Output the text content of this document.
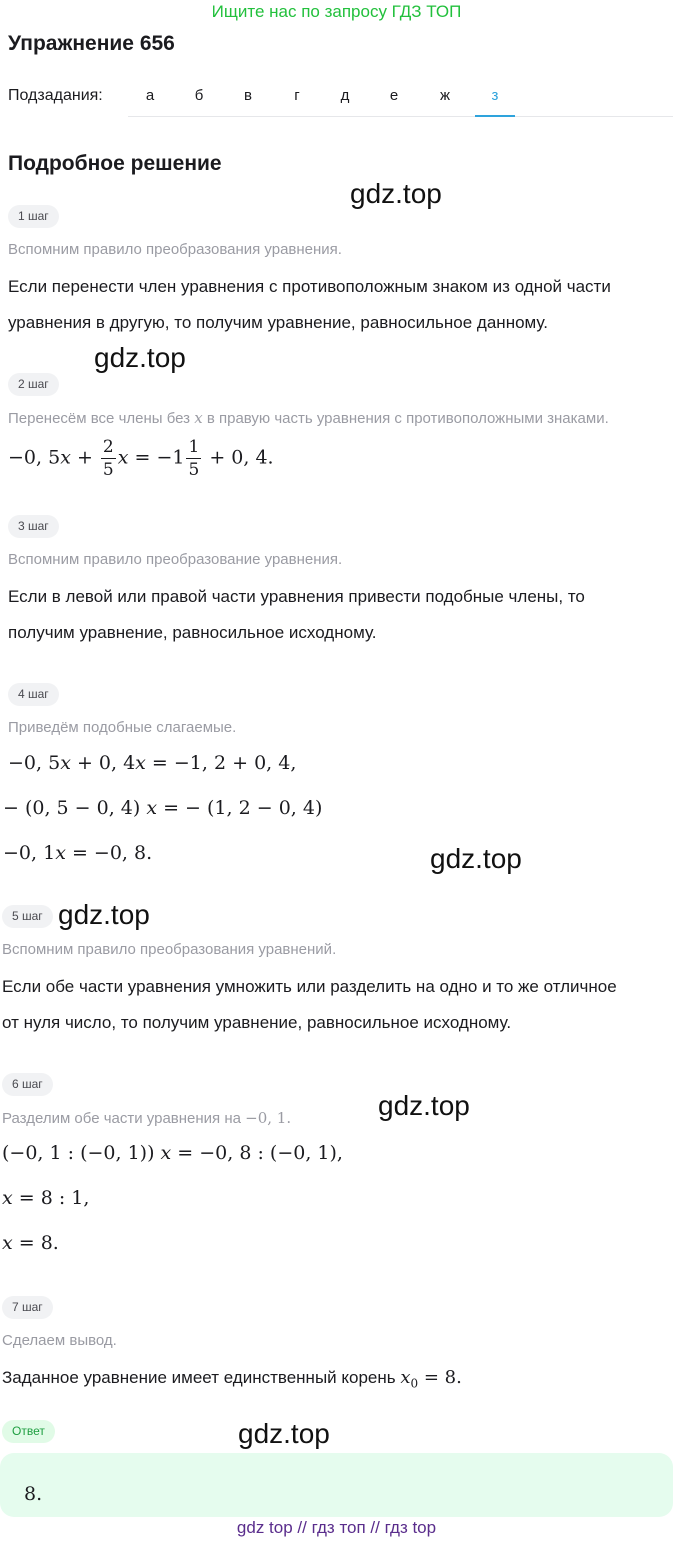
Ищите нас по запросу ГДЗ ТОП
Упражнение 656
Подзадания:	а	б	в	г	д	е	ж	з
Подробное решение
1 шаг
Вспомним правило преобразования уравнения.
Если перенести член уравнения с противоположным знаком из одной части
уравнения в другую, то получим уравнение, равносильное данному.
2 шаг
Перенесём все члены без x в правую часть уравнения с противоположными знаками.
−0, $5x + \frac{2}{5}$ $x = -1 \frac{1}{5} + 0$, 4.
3 шаг
Вспомним правило преобразование уравнения.
Если в левой или правой части уравнения привести подобные члены, то
получим уравнение, равносильное исходному.
4 шаг
Приведём подобные слагаемые.
−0, 5x + 0, 4x = −1, 2 + 0, 4,
− (0, 5 − 0, 4) x = − (1, 2 − 0, 4)
−0, 1x = −0, 8.
5 шаг
Вспомним правило преобразования уравнений.
Если обе части уравнения умножить или разделить на одно и то же отличное
от нуля число, то получим уравнение, равносильное исходному.
6 шаг
Разделим обе части уравнения на −0, 1.
(−0, 1 : (−0, 1)) x = −0, 8 : (−0, 1),
x = 8 : 1,
x = 8.
7 шаг
Сделаем вывод.
Заданное уравнение имеет единственный корень $x_0 = 8$.
Ответ
8.
gdz.top
gdz.top
gdz.top
gdz.top
gdz.top
gdz.top
gdz top // гдз топ // гдз top
